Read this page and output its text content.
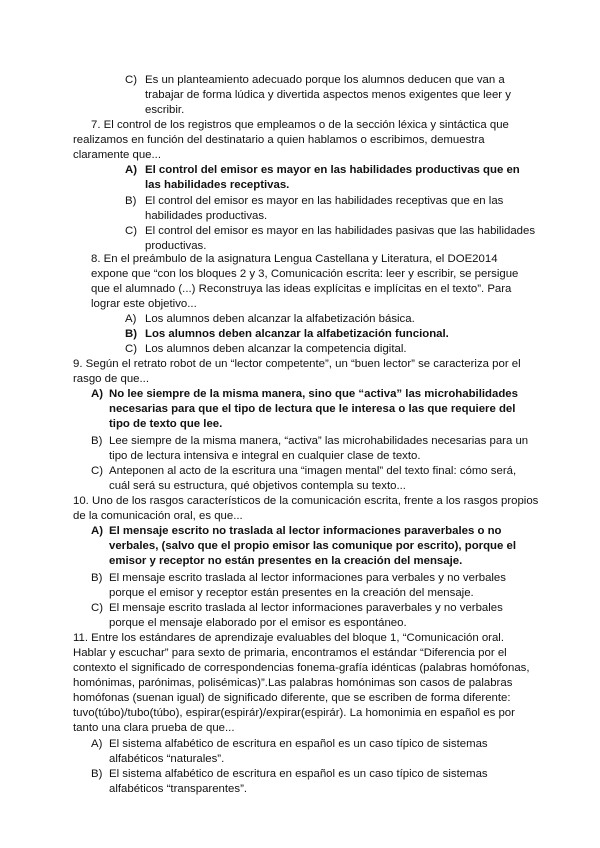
C) Es un planteamiento adecuado porque los alumnos deducen que van a
trabajar de forma lúdica y divertida aspectos menos exigentes que leer y
escribir.
7. El control de los registros que empleamos o de la sección léxica y sintáctica que
realizamos en función del destinatario a quien hablamos o escribimos, demuestra
claramente que...
A) El control del emisor es mayor en las habilidades productivas que en
las habilidades receptivas.
B) El control del emisor es mayor en las habilidades receptivas que en las
habilidades productivas.
C) El control del emisor es mayor en las habilidades pasivas que las habilidades
productivas.
8. En el preámbulo de la asignatura Lengua Castellana y Literatura, el DOE2014
expone que “con los bloques 2 y 3, Comunicación escrita: leer y escribir, se persigue
que el alumnado (...) Reconstruya las ideas explícitas e implícitas en el texto”. Para
lograr este objetivo...
A) Los alumnos deben alcanzar la alfabetización básica.
B) Los alumnos deben alcanzar la alfabetización funcional.
C) Los alumnos deben alcanzar la competencia digital.
9. Según el retrato robot de un “lector competente”, un “buen lector” se caracteriza por el
rasgo de que...
A) No lee siempre de la misma manera, sino que “activa” las microhabilidades
necesarias para que el tipo de lectura que le interesa o las que requiere del
tipo de texto que lee.
B) Lee siempre de la misma manera, “activa” las microhabilidades necesarias para un
tipo de lectura intensiva e integral en cualquier clase de texto.
C) Anteponen al acto de la escritura una “imagen mental” del texto final: cómo será,
cuál será su estructura, qué objetivos contempla su texto...
10. Uno de los rasgos característicos de la comunicación escrita, frente a los rasgos propios
de la comunicación oral, es que...
A) El mensaje escrito no traslada al lector informaciones paraverbales o no
verbales, (salvo que el propio emisor las comunique por escrito), porque el
emisor y receptor no están presentes en la creación del mensaje.
B) El mensaje escrito traslada al lector informaciones para verbales y no verbales
porque el emisor y receptor están presentes en la creación del mensaje.
C) El mensaje escrito traslada al lector informaciones paraverbales y no verbales
porque el mensaje elaborado por el emisor es espontáneo.
11. Entre los estándares de aprendizaje evaluables del bloque 1, “Comunicación oral.
Hablar y escuchar” para sexto de primaria, encontramos el estándar “Diferencia por el
contexto el significado de correspondencias fonema-grafía idénticas (palabras homófonas,
homónimas, parónimas, polisémicas)”.Las palabras homónimas son casos de palabras
homófonas (suenan igual) de significado diferente, que se escriben de forma diferente:
tuvo(túbo)/tubo(túbo), espirar(espirár)/expirar(espirár). La homonimia en español es por
tanto una clara prueba de que...
A) El sistema alfabético de escritura en español es un caso típico de sistemas
alfabéticos “naturales”.
B) El sistema alfabético de escritura en español es un caso típico de sistemas
alfabéticos “transparentes”.
